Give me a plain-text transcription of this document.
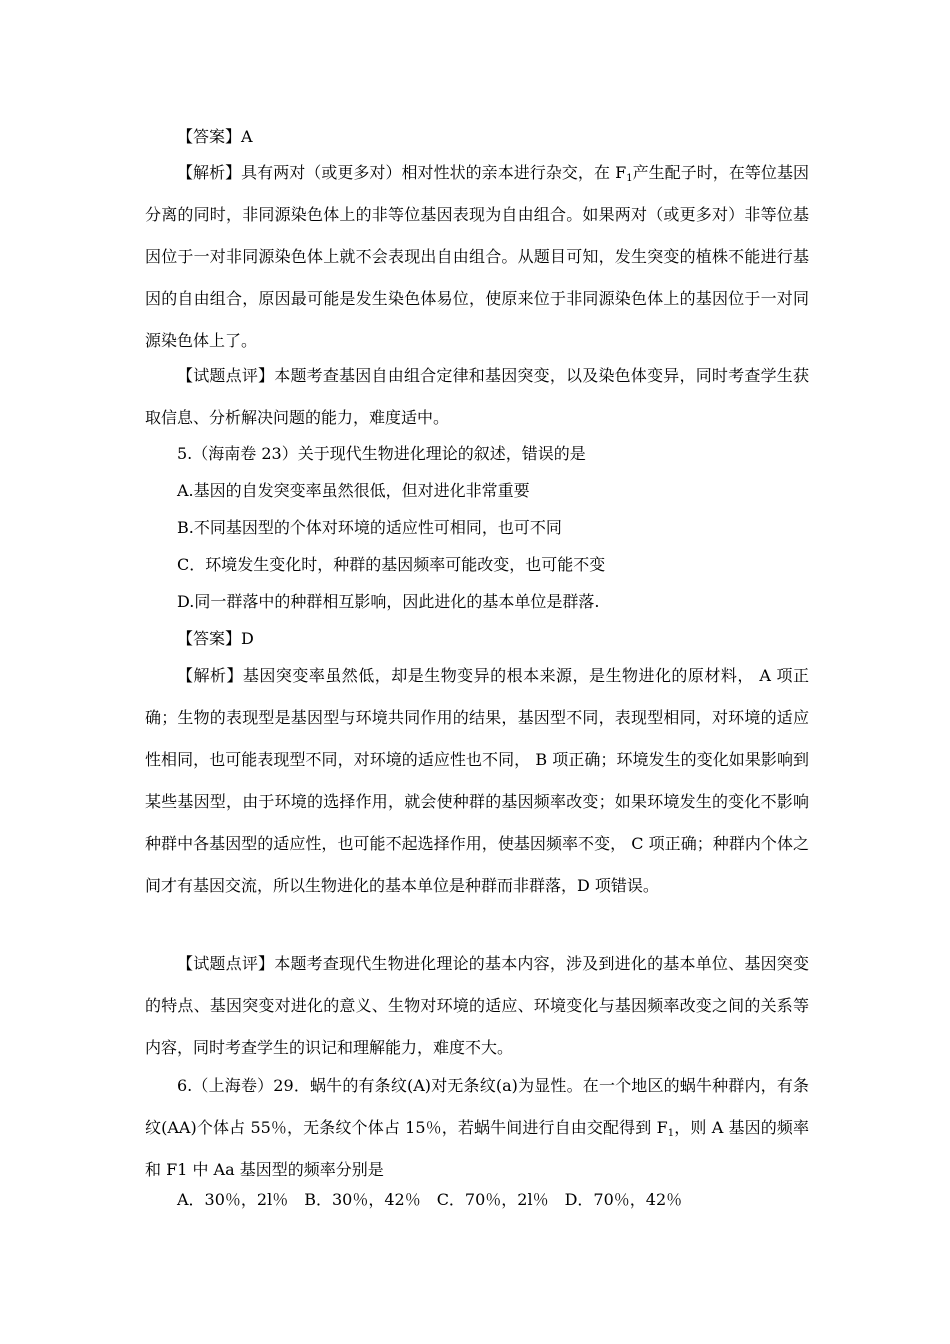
【答案】A

【解析】具有两对（或更多对）相对性状的亲本进行杂交，在 $F_1$产生配子时，在等位基因分离的同时，非同源染色体上的非等位基因表现为自由组合。如果两对（或更多对）非等位基因位于一对非同源染色体上就不会表现出自由组合。从题目可知，发生突变的植株不能进行基因的自由组合，原因最可能是发生染色体易位，使原来位于非同源染色体上的基因位于一对同源染色体上了。

【试题点评】本题考查基因自由组合定律和基因突变，以及染色体变异，同时考查学生获取信息、分析解决问题的能力，难度适中。

5.（海南卷 23）关于现代生物进化理论的叙述，错误的是

A.基因的自发突变率虽然很低，但对进化非常重要

B.不同基因型的个体对环境的适应性可相同，也可不同

C．环境发生变化时，种群的基因频率可能改变，也可能不变

D.同一群落中的种群相互影响，因此进化的基本单位是群落.

【答案】D

【解析】基因突变率虽然低，却是生物变异的根本来源，是生物进化的原材料， A 项正确；生物的表现型是基因型与环境共同作用的结果，基因型不同，表现型相同，对环境的适应性相同，也可能表现型不同，对环境的适应性也不同， B 项正确；环境发生的变化如果影响到某些基因型，由于环境的选择作用，就会使种群的基因频率改变；如果环境发生的变化不影响种群中各基因型的适应性，也可能不起选择作用，使基因频率不变， C 项正确；种群内个体之间才有基因交流，所以生物进化的基本单位是种群而非群落，D 项错误。

【试题点评】本题考查现代生物进化理论的基本内容，涉及到进化的基本单位、基因突变的特点、基因突变对进化的意义、生物对环境的适应、环境变化与基因频率改变之间的关系等内容，同时考查学生的识记和理解能力，难度不大。

6.（上海卷）29．蜗牛的有条纹(A)对无条纹(a)为显性。在一个地区的蜗牛种群内，有条纹(AA)个体占 55％，无条纹个体占 15％，若蜗牛间进行自由交配得到 $F_1$，则 A 基因的频率和 F1 中 Aa 基因型的频率分别是

A．30％，2l％　B．30％，42％　C．70％，2l％　D．70％，42％
